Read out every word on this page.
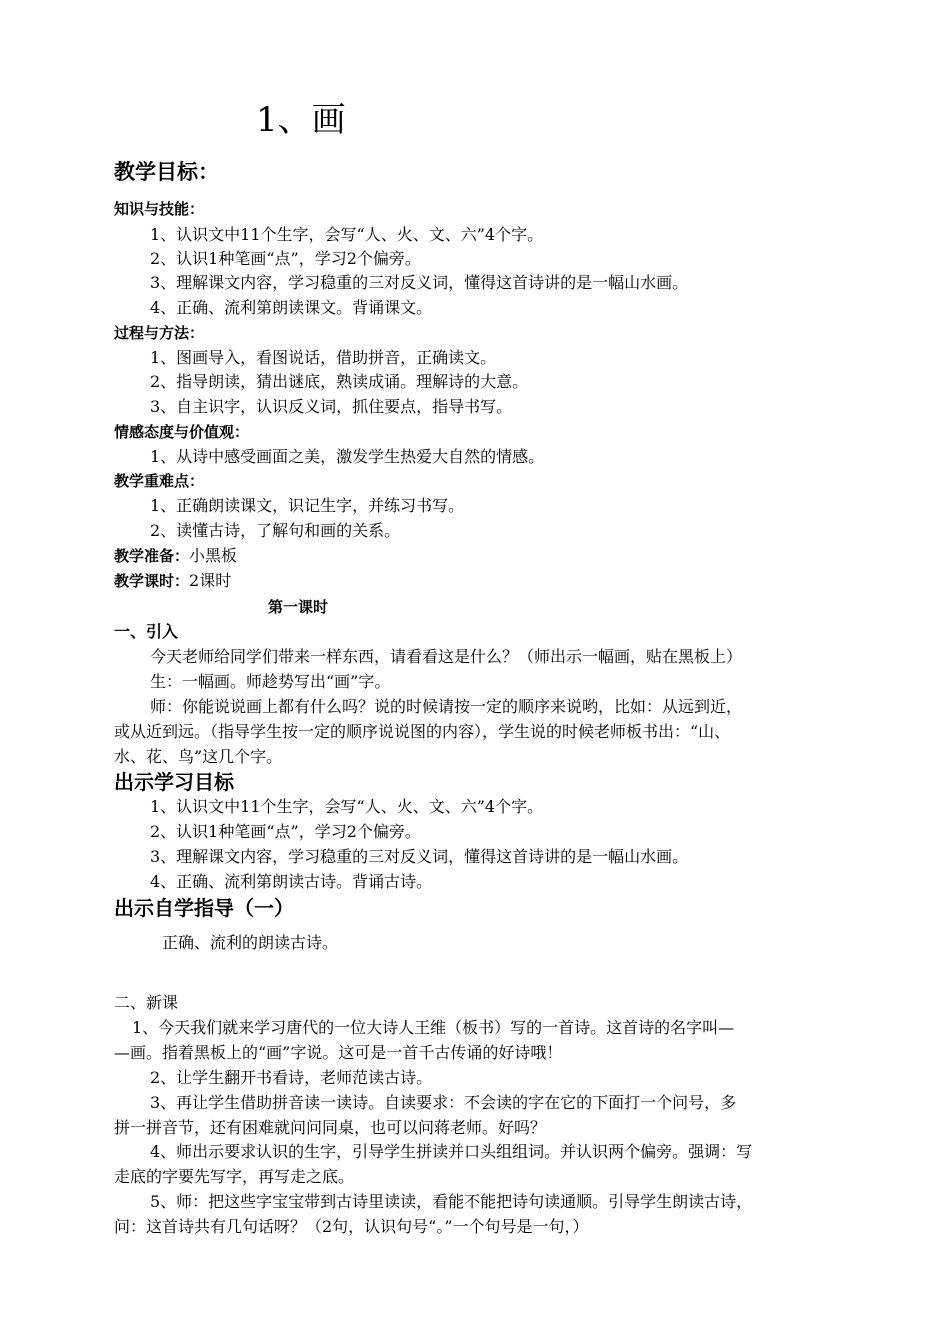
1、画
教学目标：
知识与技能：
1、认识文中11个生字，会写“人、火、文、六”4个字。
2、认识1种笔画“点”，学习2个偏旁。
3、理解课文内容，学习稳重的三对反义词，懂得这首诗讲的是一幅山水画。
4、正确、流利第朗读课文。背诵课文。
过程与方法：
1、图画导入，看图说话，借助拼音，正确读文。
2、指导朗读，猜出谜底，熟读成诵。理解诗的大意。
3、自主识字，认识反义词，抓住要点，指导书写。
情感态度与价值观：
1、从诗中感受画面之美，激发学生热爱大自然的情感。
教学重难点：
1、正确朗读课文，识记生字，并练习书写。
2、读懂古诗，了解句和画的关系。
教学准备：小黑板
教学课时：2课时
第一课时
一、引入
今天老师给同学们带来一样东西，请看看这是什么？（师出示一幅画，贴在黑板上）
生：一幅画。师趁势写出“画”字。
师：你能说说画上都有什么吗？说的时候请按一定的顺序来说哟，比如：从远到近，
或从近到远。（指导学生按一定的顺序说说图的内容），学生说的时候老师板书出：“山、
水、花、鸟”这几个字。
出示学习目标
1、认识文中11个生字，会写“人、火、文、六”4个字。
2、认识1种笔画“点”，学习2个偏旁。
3、理解课文内容，学习稳重的三对反义词，懂得这首诗讲的是一幅山水画。
4、正确、流利第朗读古诗。背诵古诗。
出示自学指导（一）
正确、流利的朗读古诗。
二、新课
1、今天我们就来学习唐代的一位大诗人王维（板书）写的一首诗。这首诗的名字叫—
—画。指着黑板上的“画”字说。这可是一首千古传诵的好诗哦！
2、让学生翻开书看诗，老师范读古诗。
3、再让学生借助拼音读一读诗。自读要求：不会读的字在它的下面打一个问号，多
拼一拼音节，还有困难就问问同桌，也可以问蒋老师。好吗？
4、师出示要求认识的生字，引导学生拼读并口头组组词。并认识两个偏旁。强调：写
走底的字要先写字，再写走之底。
5、师：把这些字宝宝带到古诗里读读，看能不能把诗句读通顺。引导学生朗读古诗，
问：这首诗共有几句话呀？（2句，认识句号“。”一个句号是一句，）
